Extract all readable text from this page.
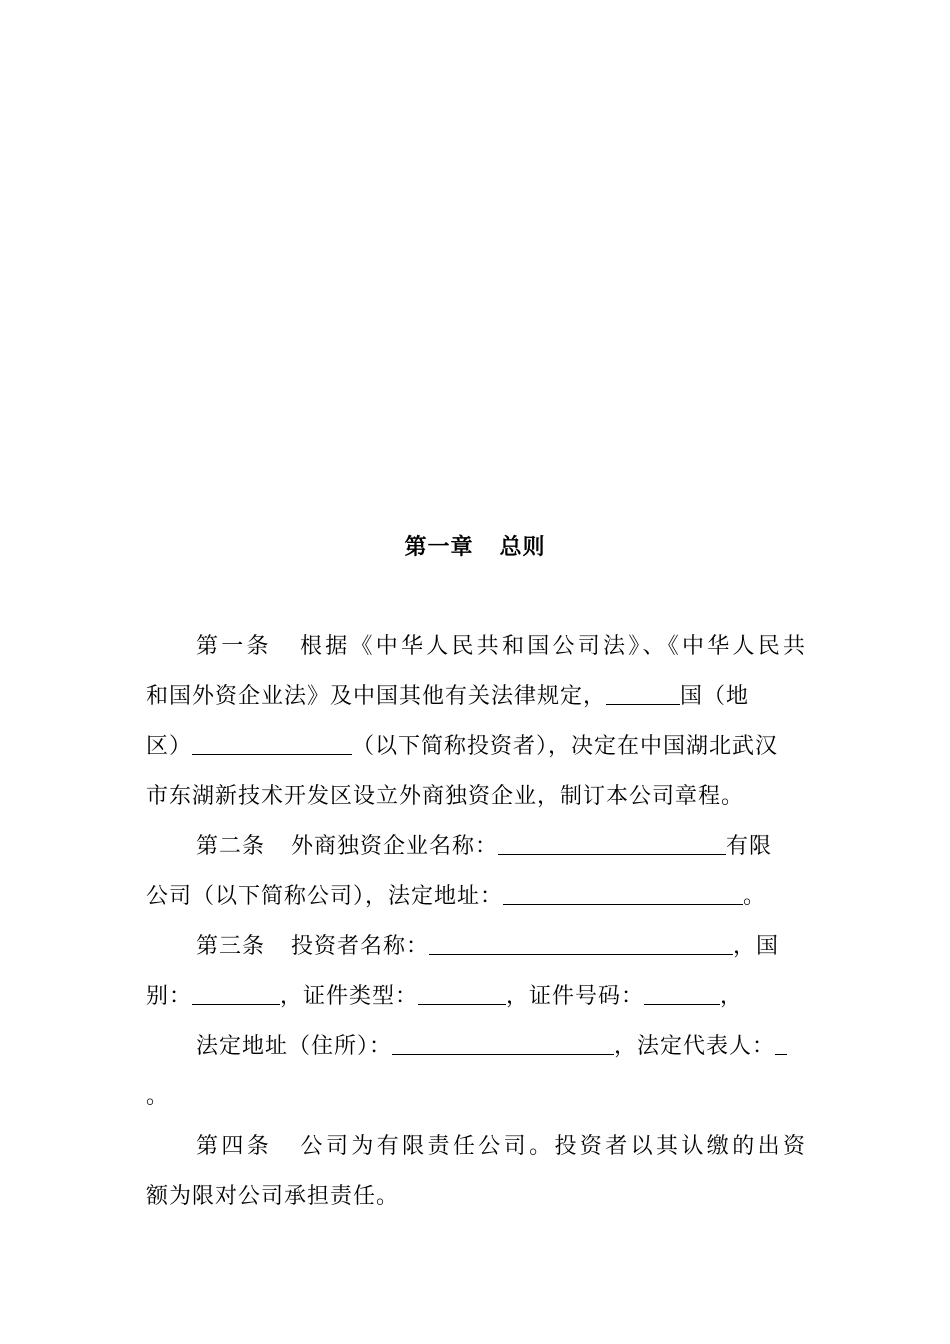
第一章 总则
第一条 根据《中华人民共和国公司法》、《中华人民共
和国外资企业法》及中国其他有关法律规定，	国（地
区）	（以下简称投资者），决定在中国湖北武汉
市东湖新技术开发区设立外商独资企业，制订本公司章程。
第二条 外商独资企业名称：	有限
公司（以下简称公司），法定地址：	。
第三条 投资者名称：	，国
别：	，证件类型：	，证件号码：	，
法定地址（住所）：	，法定代表人：
。
第四条 公司为有限责任公司。投资者以其认缴的出资
额为限对公司承担责任。
